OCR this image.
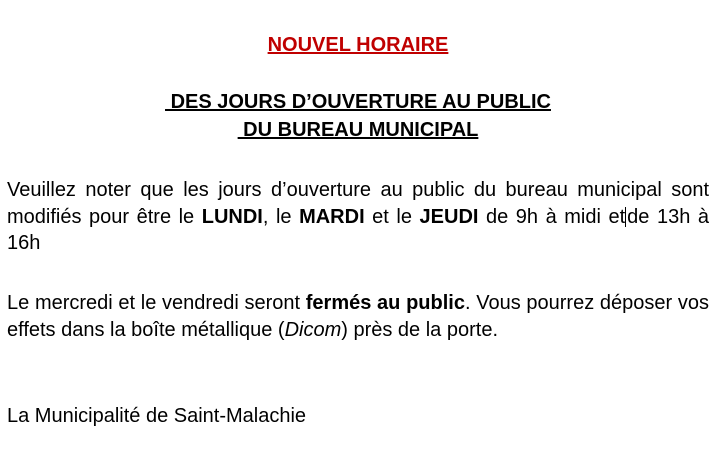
NOUVEL HORAIRE
DES JOURS D’OUVERTURE AU PUBLIC
DU BUREAU MUNICIPAL
Veuillez noter que les jours d’ouverture au public du bureau municipal sont modifiés pour être le LUNDI, le MARDI et le JEUDI de 9h à midi et de 13h à 16h
Le mercredi et le vendredi seront fermés au public. Vous pourrez déposer vos effets dans la boîte métallique (Dicom) près de la porte.
La Municipalité de Saint-Malachie
